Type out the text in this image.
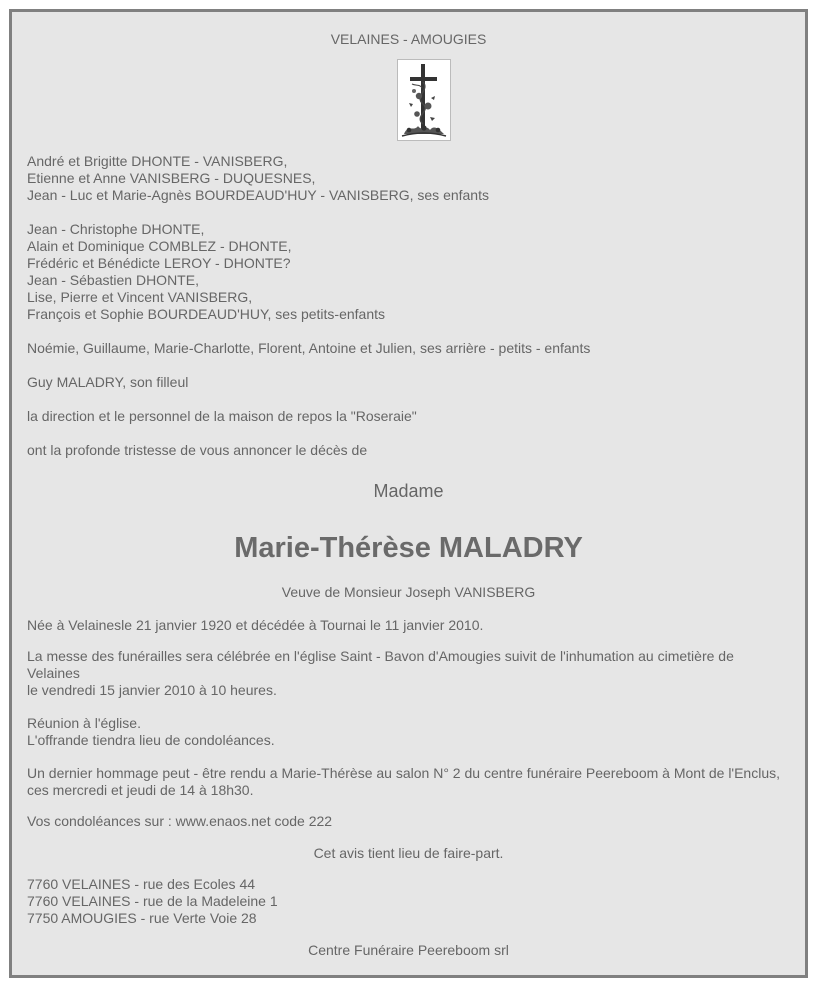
VELAINES - AMOUGIES

André et Brigitte DHONTE - VANISBERG,

Etienne et Anne VANISBERG - DUQUESNES,

Jean - Luc et Marie-Agnès BOURDEAUD'HUY - VANISBERG, ses enfants

Jean - Christophe DHONTE,

Alain et Dominique COMBLEZ - DHONTE,

Frédéric et Bénédicte LEROY - DHONTE?

Jean - Sébastien DHONTE,

Lise, Pierre et Vincent VANISBERG,

François et Sophie BOURDEAUD'HUY, ses petits-enfants

Noémie, Guillaume, Marie-Charlotte, Florent, Antoine et Julien, ses arrière - petits - enfants

Guy MALADRY, son filleul

la direction et le personnel de la maison de repos la "Roseraie"

ont la profonde tristesse de vous annoncer le décès de

Madame
Marie-Thérèse MALADRY

Veuve de Monsieur Joseph VANISBERG

Née à Velainesle 21 janvier 1920 et décédée à Tournai le 11 janvier 2010.

La messe des funérailles sera célébrée en l'église Saint - Bavon d'Amougies suivit de l'inhumation au cimetière de Velaines

le vendredi 15 janvier 2010 à 10 heures.

Réunion à l'église.

L'offrande tiendra lieu de condoléances.

Un dernier hommage peut - être rendu a Marie-Thérèse au salon N° 2 du centre funéraire Peereboom à Mont de l'Enclus, ces mercredi et jeudi de 14 à 18h30.

Vos condoléances sur : www.enaos.net code 222

Cet avis tient lieu de faire-part.

7760 VELAINES - rue des Ecoles 44

7760 VELAINES - rue de la Madeleine 1

7750 AMOUGIES - rue Verte Voie 28

Centre Funéraire Peereboom srl
